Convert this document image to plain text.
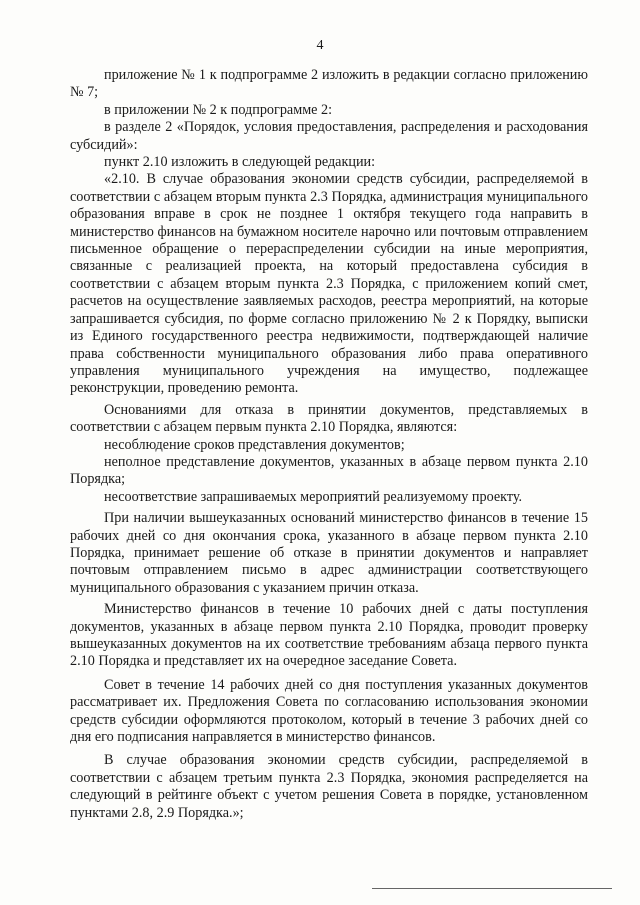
4

приложение № 1 к подпрограмме 2 изложить в редакции согласно приложению № 7;

в приложении № 2 к подпрограмме 2:

в разделе 2 «Порядок, условия предоставления, распределения и расходования субсидий»:

пункт 2.10 изложить в следующей редакции:

«2.10. В случае образования экономии средств субсидии, распределяемой в соответствии с абзацем вторым пункта 2.3 Порядка, администрация муниципального образования вправе в срок не позднее 1 октября текущего года направить в министерство финансов на бумажном носителе нарочно или почтовым отправлением письменное обращение о перераспределении субсидии на иные мероприятия, связанные с реализацией проекта, на который предоставлена субсидия в соответствии с абзацем вторым пункта 2.3 Порядка, с приложением копий смет, расчетов на осуществление заявляемых расходов, реестра мероприятий, на которые запрашивается субсидия, по форме согласно приложению № 2 к Порядку, выписки из Единого государственного реестра недвижимости, подтверждающей наличие права собственности муниципального образования либо права оперативного управления муниципального учреждения на имущество, подлежащее реконструкции, проведению ремонта.

Основаниями для отказа в принятии документов, представляемых в соответствии с абзацем первым пункта 2.10 Порядка, являются:

несоблюдение сроков представления документов;

неполное представление документов, указанных в абзаце первом пункта 2.10 Порядка;

несоответствие запрашиваемых мероприятий реализуемому проекту.

При наличии вышеуказанных оснований министерство финансов в течение 15 рабочих дней со дня окончания срока, указанного в абзаце первом пункта 2.10 Порядка, принимает решение об отказе в принятии документов и направляет почтовым отправлением письмо в адрес администрации соответствующего муниципального образования с указанием причин отказа.

Министерство финансов в течение 10 рабочих дней с даты поступления документов, указанных в абзаце первом пункта 2.10 Порядка, проводит проверку вышеуказанных документов на их соответствие требованиям абзаца первого пункта 2.10 Порядка и представляет их на очередное заседание Совета.

Совет в течение 14 рабочих дней со дня поступления указанных документов рассматривает их. Предложения Совета по согласованию использования экономии средств субсидии оформляются протоколом, который в течение 3 рабочих дней со дня его подписания направляется в министерство финансов.

В случае образования экономии средств субсидии, распределяемой в соответствии с абзацем третьим пункта 2.3 Порядка, экономия распределяется на следующий в рейтинге объект с учетом решения Совета в порядке, установленном пунктами 2.8, 2.9 Порядка.»;
